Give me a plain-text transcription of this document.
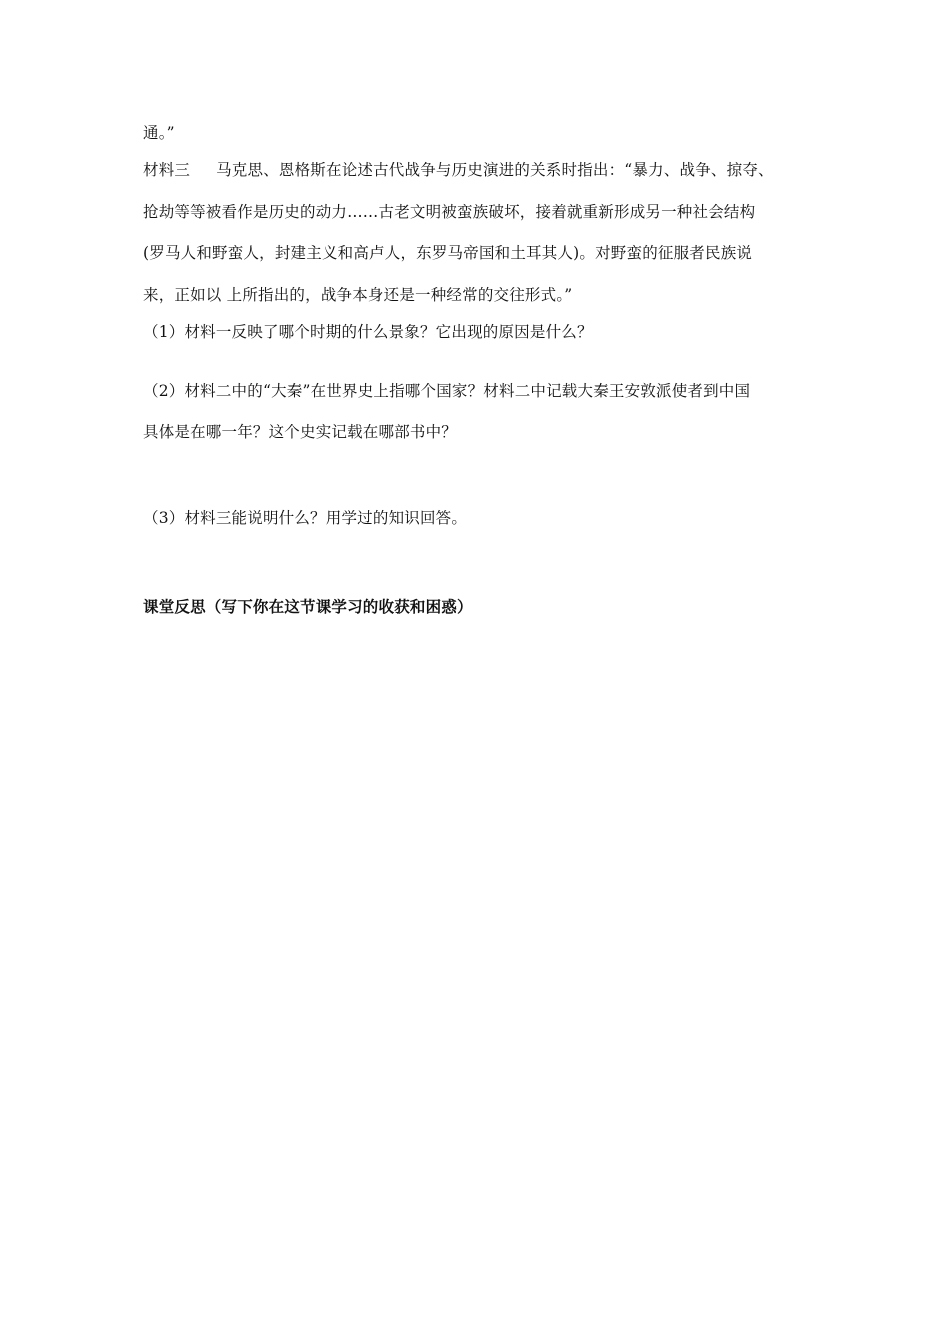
通。”
材料三 马克思、恩格斯在论述古代战争与历史演进的关系时指出：“暴力、战争、掠夺、
抢劫等等被看作是历史的动力……古老文明被蛮族破坏，接着就重新形成另一种社会结构
(罗马人和野蛮人，封建主义和高卢人，东罗马帝国和土耳其人)。对野蛮的征服者民族说
来，正如以 上所指出的，战争本身还是一种经常的交往形式。”
（1）材料一反映了哪个时期的什么景象？它出现的原因是什么？
（2）材料二中的“大秦”在世界史上指哪个国家？材料二中记载大秦王安敦派使者到中国
具体是在哪一年？这个史实记载在哪部书中？
（3）材料三能说明什么？用学过的知识回答。
课堂反思（写下你在这节课学习的收获和困惑）
